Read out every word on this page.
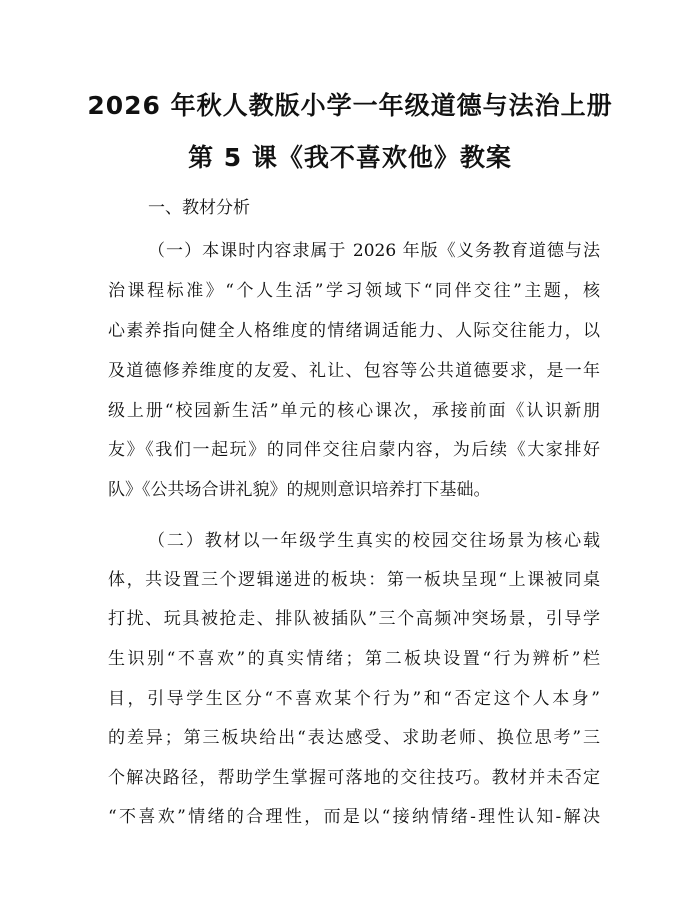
2026 年秋人教版小学一年级道德与法治上册
第 5 课《我不喜欢他》教案
一、教材分析
（一）本课时内容隶属于 2026 年版《义务教育道德与法
治课程标准》“个人生活”学习领域下“同伴交往”主题，核
心素养指向健全人格维度的情绪调适能力、人际交往能力，以
及道德修养维度的友爱、礼让、包容等公共道德要求，是一年
级上册“校园新生活”单元的核心课次，承接前面《认识新朋
友》《我们一起玩》的同伴交往启蒙内容，为后续《大家排好
队》《公共场合讲礼貌》的规则意识培养打下基础。
（二）教材以一年级学生真实的校园交往场景为核心载
体，共设置三个逻辑递进的板块：第一板块呈现“上课被同桌
打扰、玩具被抢走、排队被插队”三个高频冲突场景，引导学
生识别“不喜欢”的真实情绪；第二板块设置“行为辨析”栏
目，引导学生区分“不喜欢某个行为”和“否定这个人本身”
的差异；第三板块给出“表达感受、求助老师、换位思考”三
个解决路径，帮助学生掌握可落地的交往技巧。教材并未否定
“不喜欢”情绪的合理性，而是以“接纳情绪-理性认知-解决
